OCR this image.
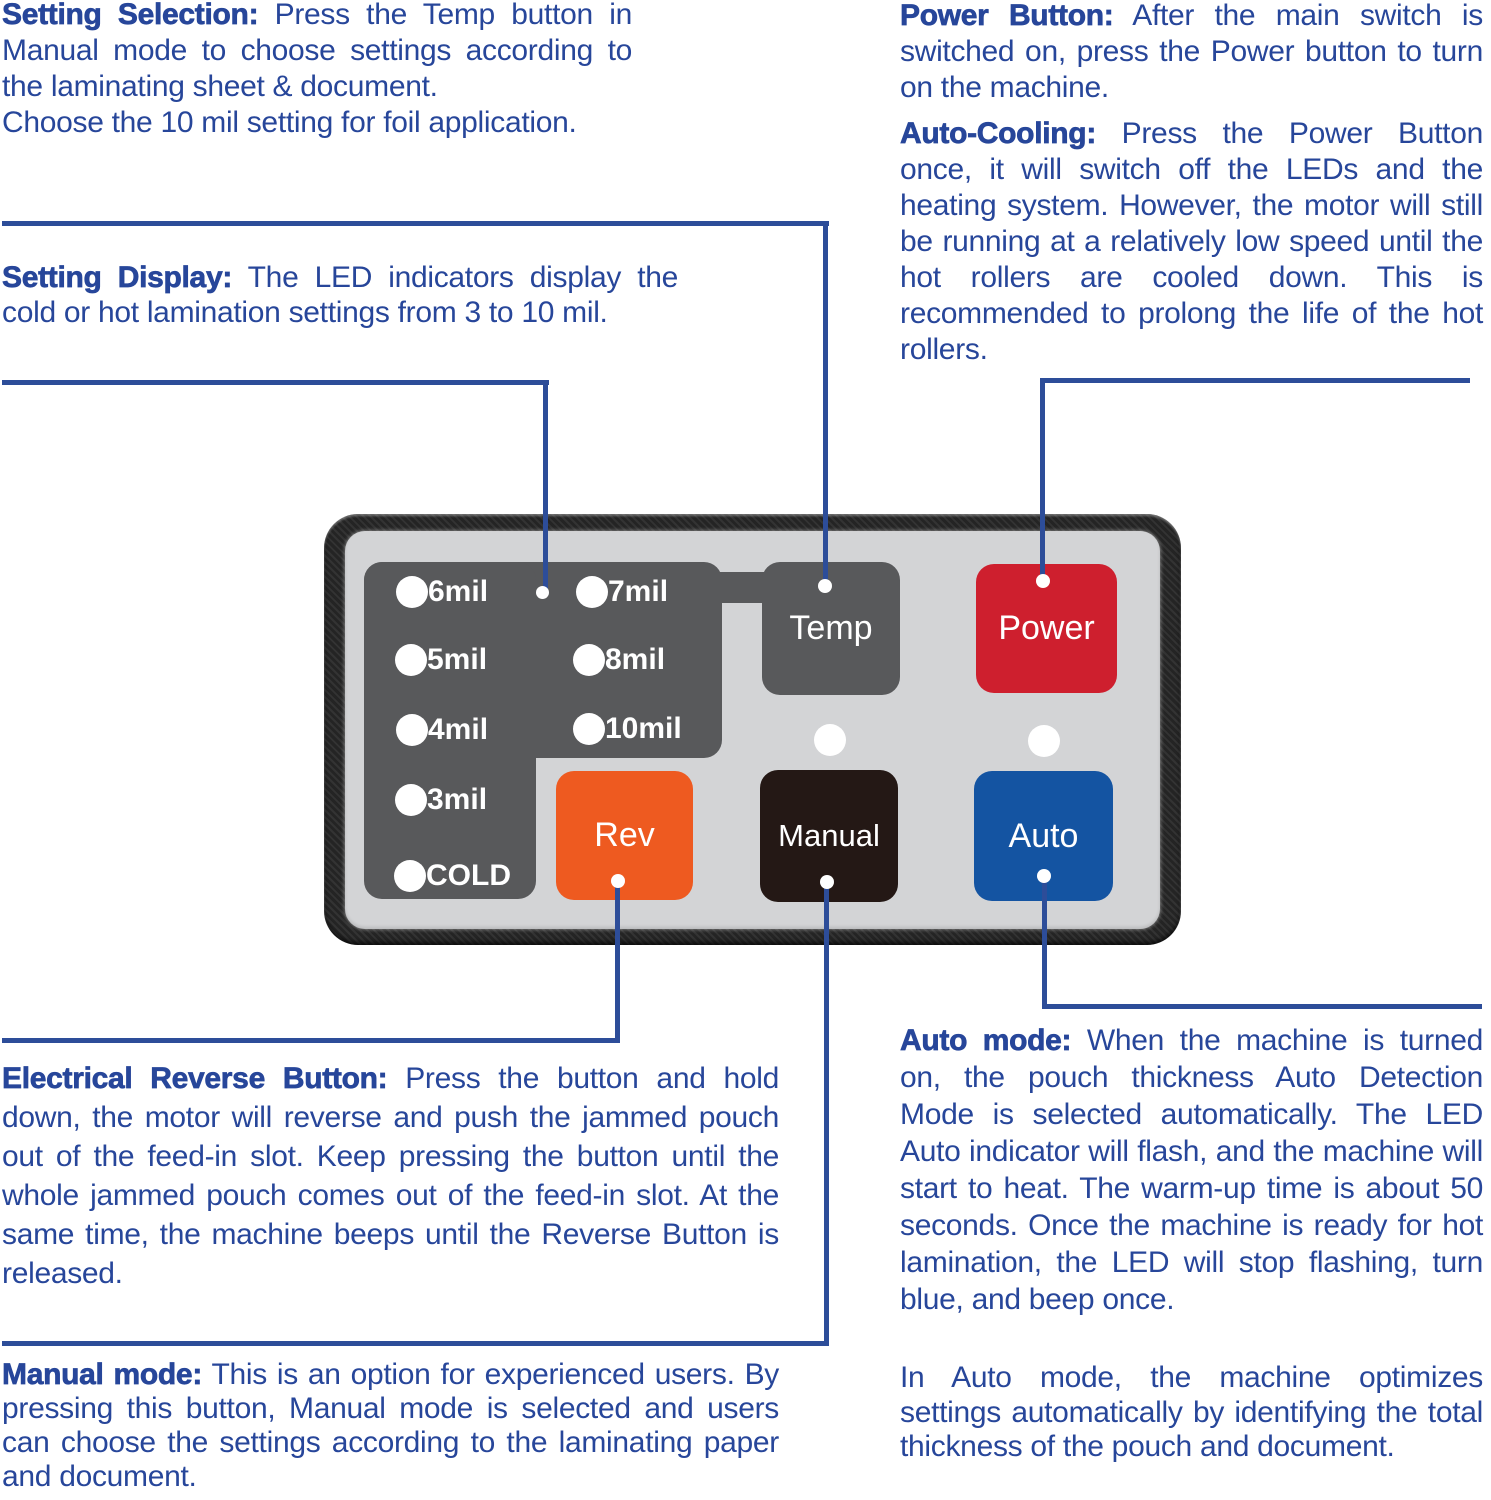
Setting Selection: Press the Temp button in Manual mode to choose settings according to the laminating sheet & document.

Choose the 10 mil setting for foil application.

Setting Display: The LED indicators display the cold or hot lamination settings from 3 to 10 mil.

Electrical Reverse Button: Press the button and hold down, the motor will reverse and push the jammed pouch out of the feed-in slot. Keep pressing the button until the whole jammed pouch comes out of the feed-in slot. At the same time, the machine beeps until the Reverse Button is released.

Manual mode: This is an option for experienced users. By pressing this button, Manual mode is selected and users can choose the settings according to the laminating paper and document.

Power Button: After the main switch is switched on, press the Power button to turn on the machine.

Auto-Cooling: Press the Power Button once, it will switch off the LEDs and the heating system. However, the motor will still be running at a relatively low speed until the hot rollers are cooled down. This is recommended to prolong the life of the hot rollers.

Auto mode: When the machine is turned on, the pouch thickness Auto Detection Mode is selected automatically. The LED Auto indicator will flash, and the machine will start to heat. The warm-up time is about 50 seconds. Once the machine is ready for hot lamination, the LED will stop flashing, turn blue, and beep once.

In Auto mode, the machine optimizes settings automatically by identifying the total thickness of the pouch and document.

6mil	7mil
5mil	8mil
4mil	10mil
3mil
COLD
Temp	Power
Rev	Manual	Auto
